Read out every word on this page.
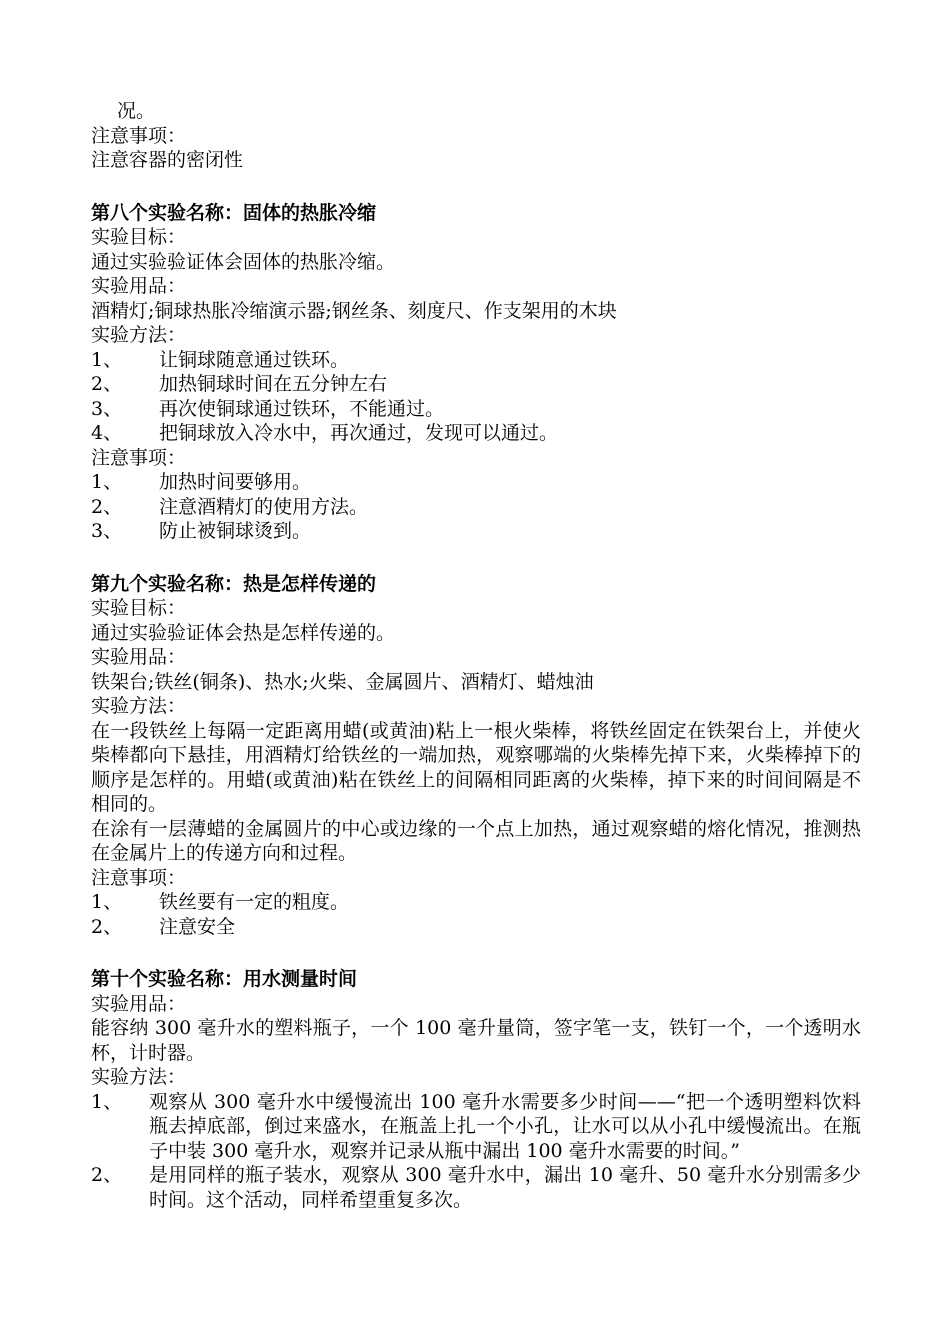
况。
注意事项：
注意容器的密闭性
第八个实验名称：固体的热胀冷缩
实验目标：
通过实验验证体会固体的热胀冷缩。
实验用品：
酒精灯;铜球热胀冷缩演示器;钢丝条、刻度尺、作支架用的木块
实验方法：
1、	让铜球随意通过铁环。
2、	加热铜球时间在五分钟左右
3、	再次使铜球通过铁环，不能通过。
4、	把铜球放入冷水中，再次通过，发现可以通过。
注意事项：
1、	加热时间要够用。
2、	注意酒精灯的使用方法。
3、	防止被铜球烫到。
第九个实验名称：热是怎样传递的
实验目标：
通过实验验证体会热是怎样传递的。
实验用品：
铁架台;铁丝(铜条)、热水;火柴、金属圆片、酒精灯、蜡烛油
实验方法：
在一段铁丝上每隔一定距离用蜡(或黄油)粘上一根火柴棒，将铁丝固定在铁架台上，并使火柴棒都向下悬挂，用酒精灯给铁丝的一端加热，观察哪端的火柴棒先掉下来，火柴棒掉下的顺序是怎样的。用蜡(或黄油)粘在铁丝上的间隔相同距离的火柴棒，掉下来的时间间隔是不相同的。
在涂有一层薄蜡的金属圆片的中心或边缘的一个点上加热，通过观察蜡的熔化情况，推测热在金属片上的传递方向和过程。
注意事项：
1、	铁丝要有一定的粗度。
2、	注意安全
第十个实验名称：用水测量时间
实验用品：
能容纳 300 毫升水的塑料瓶子，一个 100 毫升量筒，签字笔一支，铁钉一个，一个透明水杯，计时器。
实验方法：
1、	观察从 300 毫升水中缓慢流出 100 毫升水需要多少时间——“把一个透明塑料饮料瓶去掉底部，倒过来盛水，在瓶盖上扎一个小孔，让水可以从小孔中缓慢流出。在瓶子中装 300 毫升水，观察并记录从瓶中漏出 100 毫升水需要的时间。”
2、	是用同样的瓶子装水，观察从 300 毫升水中，漏出 10 毫升、50 毫升水分别需多少时间。这个活动，同样希望重复多次。
